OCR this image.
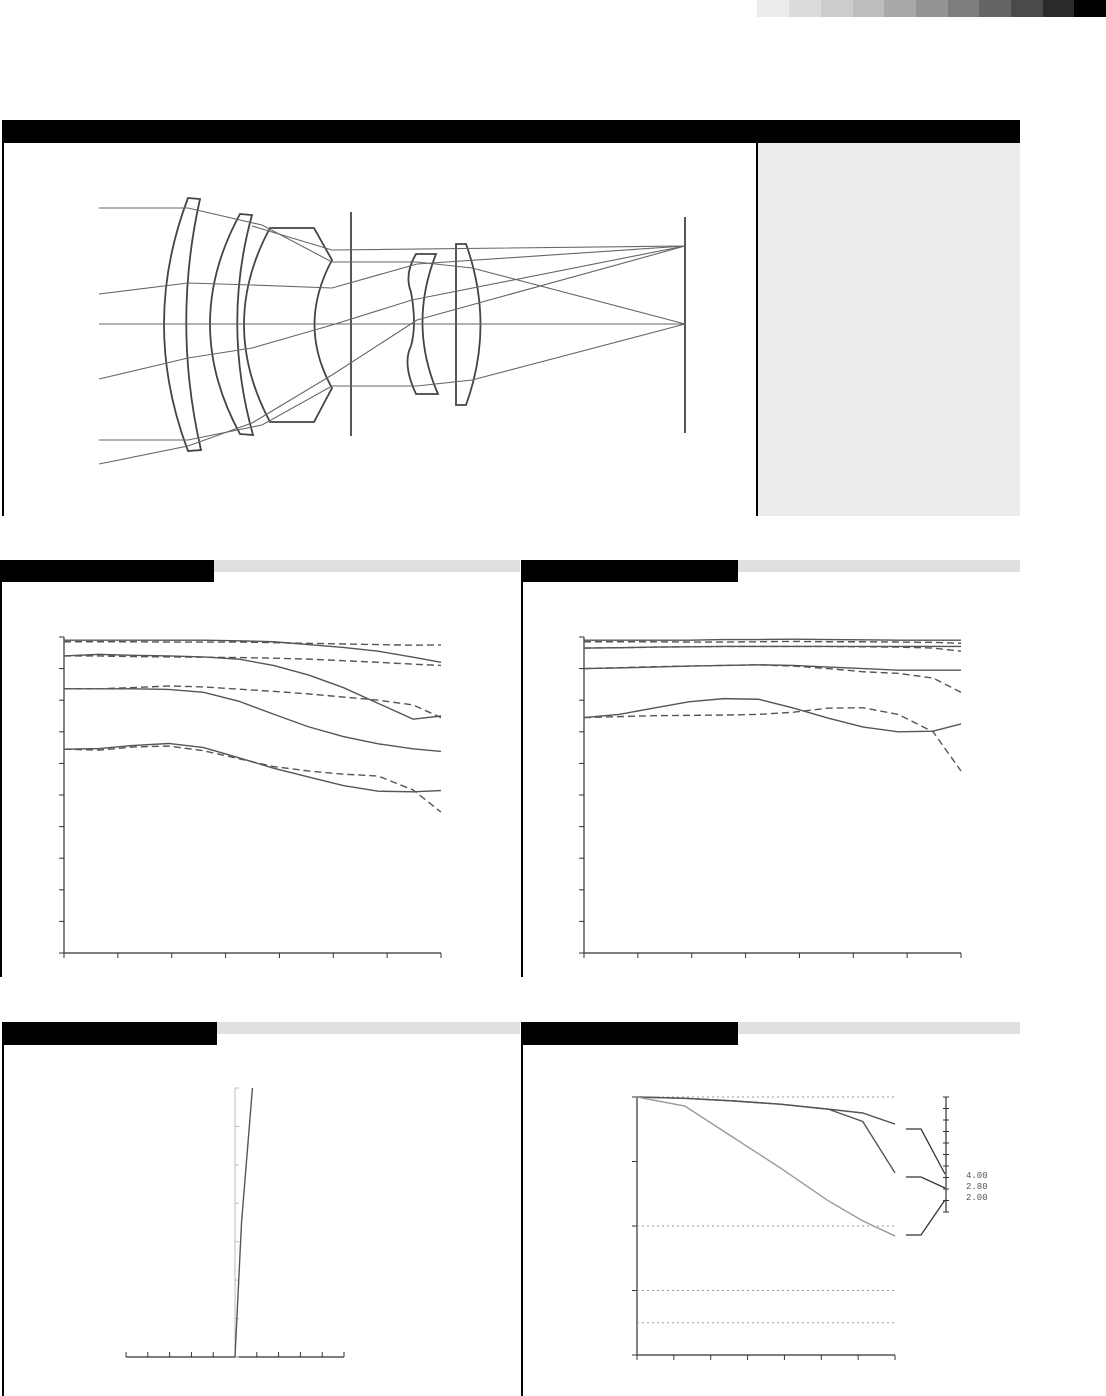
4.00
2.80
2.00
